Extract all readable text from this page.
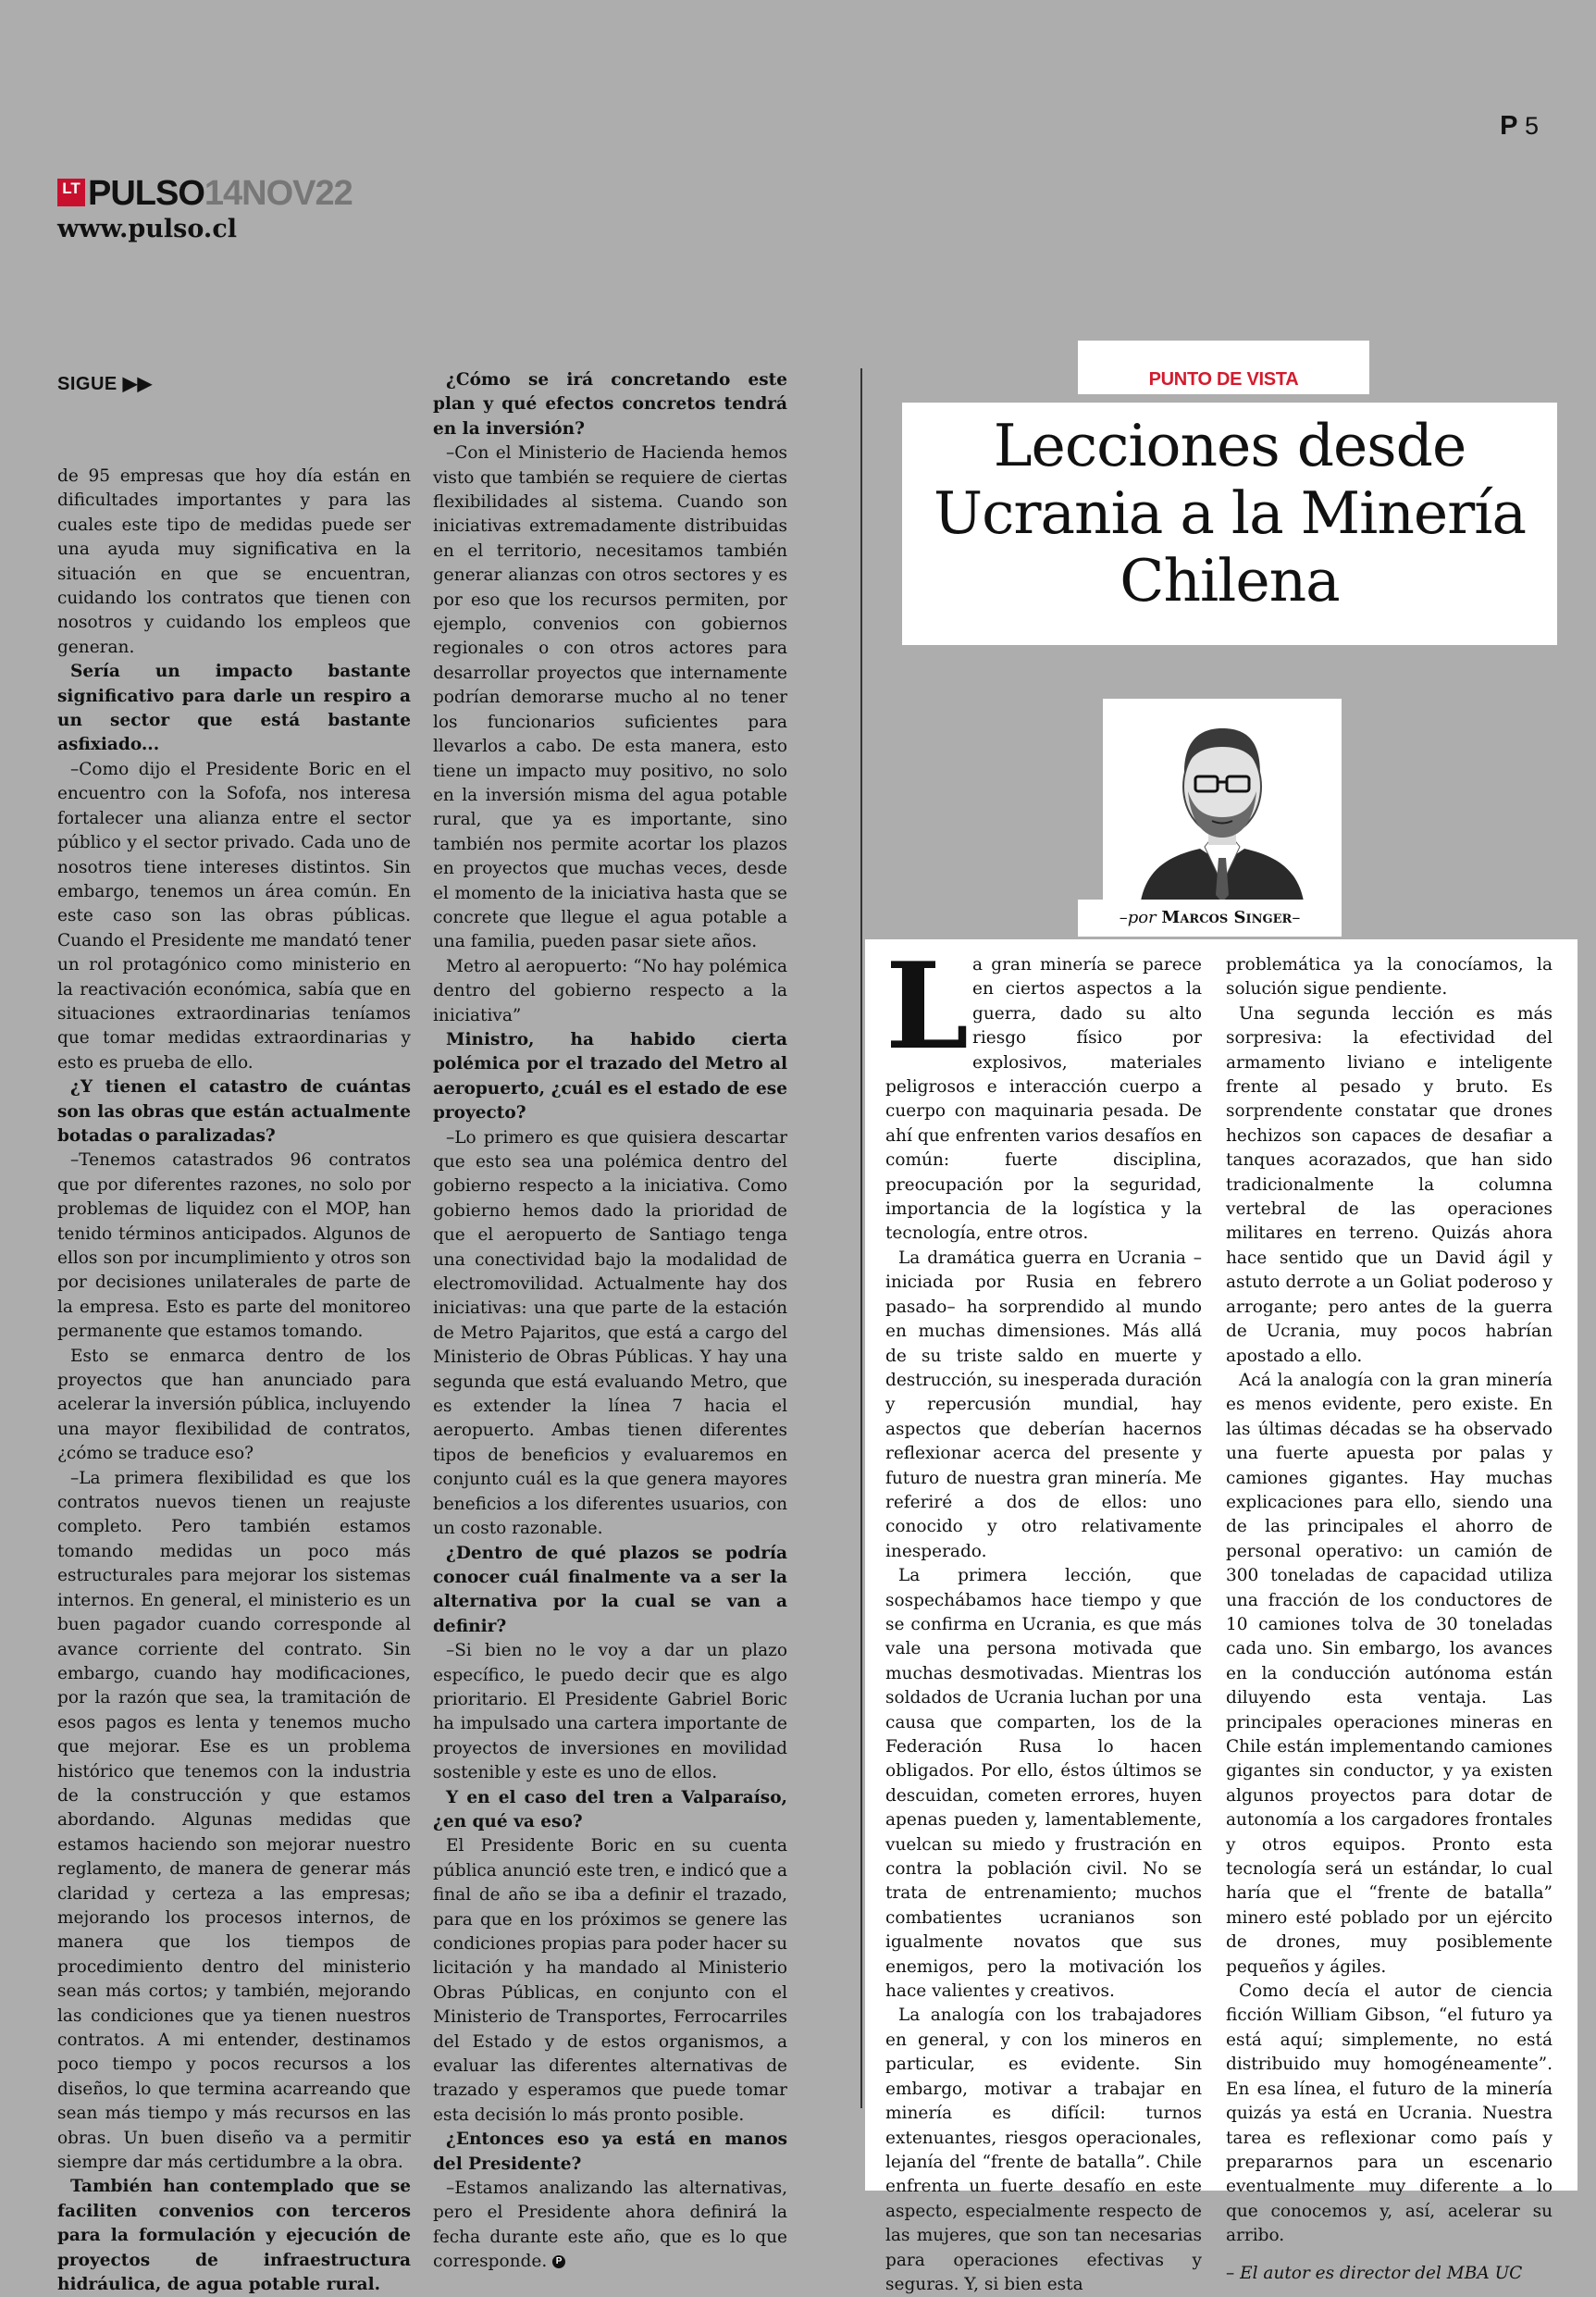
P 5
LT PULSO 14NOV22
www.pulso.cl
SIGUE ▶▶

de 95 empresas que hoy día están en dificultades importantes y para las cuales este tipo de medidas puede ser una ayuda muy significativa en la situación en que se encuentran, cuidando los contratos que tienen con nosotros y cuidando los empleos que generan.

Sería un impacto bastante significativo para darle un respiro a un sector que está bastante asfixiado...

–Como dijo el Presidente Boric en el encuentro con la Sofofa, nos interesa fortalecer una alianza entre el sector público y el sector privado. Cada uno de nosotros tiene intereses distintos. Sin embargo, tenemos un área común. En este caso son las obras públicas. Cuando el Presidente me mandató tener un rol protagónico como ministerio en la reactivación económica, sabía que en situaciones extraordinarias teníamos que tomar medidas extraordinarias y esto es prueba de ello.

¿Y tienen el catastro de cuántas son las obras que están actualmente botadas o paralizadas?

–Tenemos catastrados 96 contratos que por diferentes razones, no solo por problemas de liquidez con el MOP, han tenido términos anticipados. Algunos de ellos son por incumplimiento y otros son por decisiones unilaterales de parte de la empresa. Esto es parte del monitoreo permanente que estamos tomando.

Esto se enmarca dentro de los proyectos que han anunciado para acelerar la inversión pública, incluyendo una mayor flexibilidad de contratos, ¿cómo se traduce eso?

–La primera flexibilidad es que los contratos nuevos tienen un reajuste completo. Pero también estamos tomando medidas un poco más estructurales para mejorar los sistemas internos. En general, el ministerio es un buen pagador cuando corresponde al avance corriente del contrato. Sin embargo, cuando hay modificaciones, por la razón que sea, la tramitación de esos pagos es lenta y tenemos mucho que mejorar. Ese es un problema histórico que tenemos con la industria de la construcción y que estamos abordando. Algunas medidas que estamos haciendo son mejorar nuestro reglamento, de manera de generar más claridad y certeza a las empresas; mejorando los procesos internos, de manera que los tiempos de procedimiento dentro del ministerio sean más cortos; y también, mejorando las condiciones que ya tienen nuestros contratos. A mi entender, destinamos poco tiempo y pocos recursos a los diseños, lo que termina acarreando que sean más tiempo y más recursos en las obras. Un buen diseño va a permitir siempre dar más certidumbre a la obra.

También han contemplado que se faciliten convenios con terceros para la formulación y ejecución de proyectos de infraestructura hidráulica, de agua potable rural.

¿Cómo se irá concretando este plan y qué efectos concretos tendrá en la inversión?

–Con el Ministerio de Hacienda hemos visto que también se requiere de ciertas flexibilidades al sistema. Cuando son iniciativas extremadamente distribuidas en el territorio, necesitamos también generar alianzas con otros sectores y es por eso que los recursos permiten, por ejemplo, convenios con gobiernos regionales o con otros actores para desarrollar proyectos que internamente podrían demorarse mucho al no tener los funcionarios suficientes para llevarlos a cabo. De esta manera, esto tiene un impacto muy positivo, no solo en la inversión misma del agua potable rural, que ya es importante, sino también nos permite acortar los plazos en proyectos que muchas veces, desde el momento de la iniciativa hasta que se concrete que llegue el agua potable a una familia, pueden pasar siete años.

Metro al aeropuerto: “No hay polémica dentro del gobierno respecto a la iniciativa”

Ministro, ha habido cierta polémica por el trazado del Metro al aeropuerto, ¿cuál es el estado de ese proyecto?

–Lo primero es que quisiera descartar que esto sea una polémica dentro del gobierno respecto a la iniciativa. Como gobierno hemos dado la prioridad de que el aeropuerto de Santiago tenga una conectividad bajo la modalidad de electromovilidad. Actualmente hay dos iniciativas: una que parte de la estación de Metro Pajaritos, que está a cargo del Ministerio de Obras Públicas. Y hay una segunda que está evaluando Metro, que es extender la línea 7 hacia el aeropuerto. Ambas tienen diferentes tipos de beneficios y evaluaremos en conjunto cuál es la que genera mayores beneficios a los diferentes usuarios, con un costo razonable.

¿Dentro de qué plazos se podría conocer cuál finalmente va a ser la alternativa por la cual se van a definir?

–Si bien no le voy a dar un plazo específico, le puedo decir que es algo prioritario. El Presidente Gabriel Boric ha impulsado una cartera importante de proyectos de inversiones en movilidad sostenible y este es uno de ellos.

Y en el caso del tren a Valparaíso, ¿en qué va eso?

El Presidente Boric en su cuenta pública anunció este tren, e indicó que a final de año se iba a definir el trazado, para que en los próximos se genere las condiciones propias para poder hacer su licitación y ha mandado al Ministerio Obras Públicas, en conjunto con el Ministerio de Transportes, Ferrocarriles del Estado y de estos organismos, a evaluar las diferentes alternativas de trazado y esperamos que puede tomar esta decisión lo más pronto posible.

¿Entonces eso ya está en manos del Presidente?

–Estamos analizando las alternativas, pero el Presidente ahora definirá la fecha durante este año, que es lo que corresponde. P

PUNTO DE VISTA
Lecciones desde
Ucrania a la Minería
Chilena
–por Marcos Singer–

La gran minería se parece en ciertos aspectos a la guerra, dado su alto riesgo físico por explosivos, materiales peligrosos e interacción cuerpo a cuerpo con maquinaria pesada. De ahí que enfrenten varios desafíos en común: fuerte disciplina, preocupación por la seguridad, importancia de la logística y la tecnología, entre otros.

La dramática guerra en Ucrania –iniciada por Rusia en febrero pasado– ha sorprendido al mundo en muchas dimensiones. Más allá de su triste saldo en muerte y destrucción, su inesperada duración y repercusión mundial, hay aspectos que deberían hacernos reflexionar acerca del presente y futuro de nuestra gran minería. Me referiré a dos de ellos: uno conocido y otro relativamente inesperado.

La primera lección, que sospechábamos hace tiempo y que se confirma en Ucrania, es que más vale una persona motivada que muchas desmotivadas. Mientras los soldados de Ucrania luchan por una causa que comparten, los de la Federación Rusa lo hacen obligados. Por ello, éstos últimos se descuidan, cometen errores, huyen apenas pueden y, lamentablemente, vuelcan su miedo y frustración en contra la población civil. No se trata de entrenamiento; muchos combatientes ucranianos son igualmente novatos que sus enemigos, pero la motivación los hace valientes y creativos.

La analogía con los trabajadores en general, y con los mineros en particular, es evidente. Sin embargo, motivar a trabajar en minería es difícil: turnos extenuantes, riesgos operacionales, lejanía del “frente de batalla”. Chile enfrenta un fuerte desafío en este aspecto, especialmente respecto de las mujeres, que son tan necesarias para operaciones efectivas y seguras. Y, si bien esta

problemática ya la conocíamos, la solución sigue pendiente.

Una segunda lección es más sorpresiva: la efectividad del armamento liviano e inteligente frente al pesado y bruto. Es sorprendente constatar que drones hechizos son capaces de desafiar a tanques acorazados, que han sido tradicionalmente la columna vertebral de las operaciones militares en terreno. Quizás ahora hace sentido que un David ágil y astuto derrote a un Goliat poderoso y arrogante; pero antes de la guerra de Ucrania, muy pocos habrían apostado a ello.

Acá la analogía con la gran minería es menos evidente, pero existe. En las últimas décadas se ha observado una fuerte apuesta por palas y camiones gigantes. Hay muchas explicaciones para ello, siendo una de las principales el ahorro de personal operativo: un camión de 300 toneladas de capacidad utiliza una fracción de los conductores de 10 camiones tolva de 30 toneladas cada uno. Sin embargo, los avances en la conducción autónoma están diluyendo esta ventaja. Las principales operaciones mineras en Chile están implementando camiones gigantes sin conductor, y ya existen algunos proyectos para dotar de autonomía a los cargadores frontales y otros equipos. Pronto esta tecnología será un estándar, lo cual haría que el “frente de batalla” minero esté poblado por un ejército de drones, muy posiblemente pequeños y ágiles.

Como decía el autor de ciencia ficción William Gibson, “el futuro ya está aquí; simplemente, no está distribuido muy homogéneamente”. En esa línea, el futuro de la minería quizás ya está en Ucrania. Nuestra tarea es reflexionar como país y prepararnos para un escenario eventualmente muy diferente a lo que conocemos y, así, acelerar su arribo.

– El autor es director del MBA UC
